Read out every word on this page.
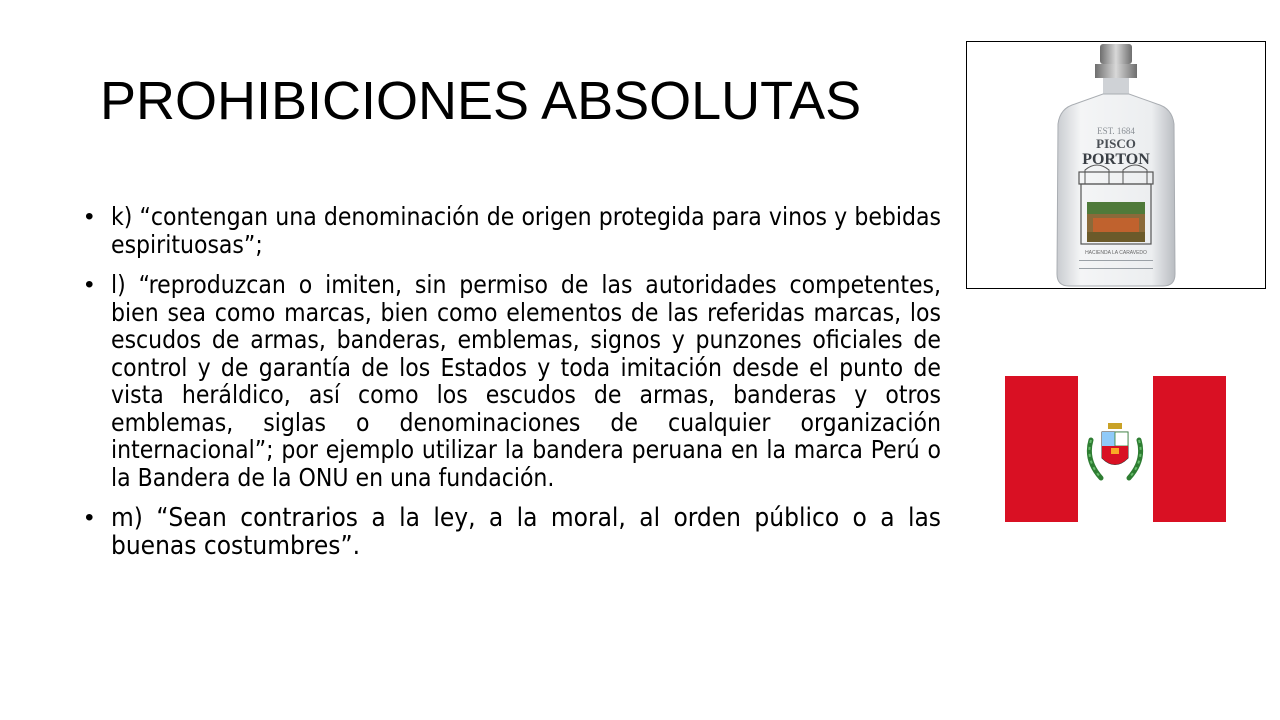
PROHIBICIONES ABSOLUTAS
• k) “contengan una denominación de origen protegida para vinos y bebidas espirituosas”;
• l) “reproduzcan o imiten, sin permiso de las autoridades competentes, bien sea como marcas, bien como elementos de las referidas marcas, los escudos de armas, banderas, emblemas, signos y punzones oficiales de control y de garantía de los Estados y toda imitación desde el punto de vista heráldico, así como los escudos de armas, banderas y otros emblemas, siglas o denominaciones de cualquier organización internacional”; por ejemplo utilizar la bandera peruana en la marca Perú o la Bandera de la ONU en una fundación.
• m) “Sean contrarios a la ley, a la moral, al orden público o a las buenas costumbres”.
EST. 1684
PISCO
PORTON
HACIENDA LA CARAVEDO
